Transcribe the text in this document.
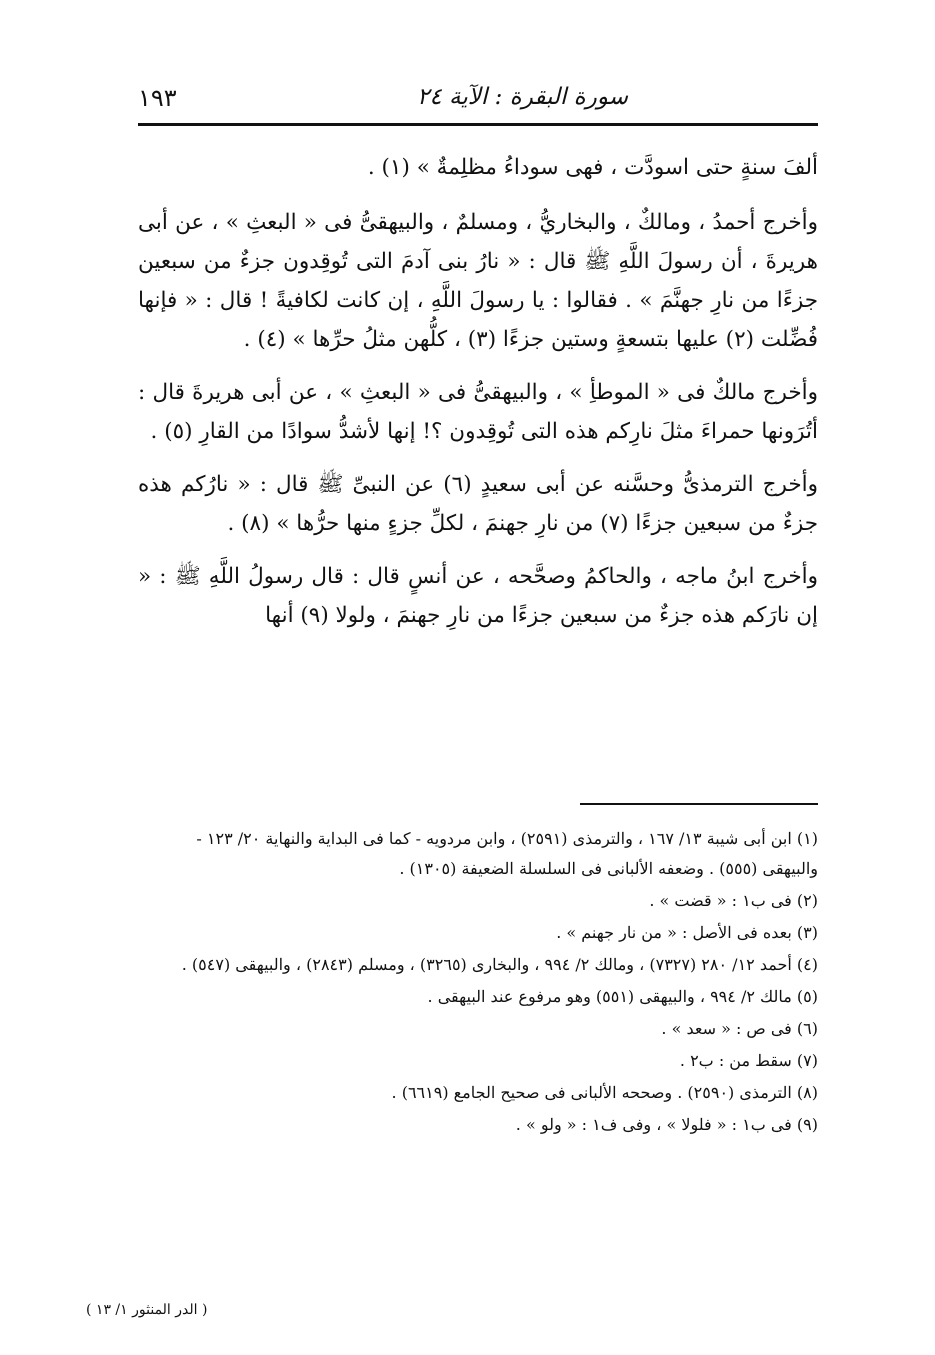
سورة البقرة : الآية ٢٤
١٩٣

ألفَ سنةٍ حتى اسودَّت ، فهى سوداءُ مظلِمةٌ » (١) .

وأخرج أحمدُ ، ومالكٌ ، والبخاريُّ ، ومسلمٌ ، والبيهقىُّ فى « البعثِ » ، عن أبى هريرةَ ، أن رسولَ اللَّهِ ﷺ قال : « نارُ بنى آدمَ التى تُوقِدون جزءٌ من سبعين جزءًا من نارِ جهنَّمَ » . فقالوا : يا رسولَ اللَّهِ ، إن كانت لكافيةً ! قال : « فإنها فُضِّلت (٢) عليها بتسعةٍ وستين جزءًا (٣) ، كلُّهن مثلُ حرِّها » (٤) .

وأخرج مالكٌ فى « الموطأِ » ، والبيهقىُّ فى « البعثِ » ، عن أبى هريرةَ قال : أتُرَونها حمراءَ مثلَ نارِكم هذه التى تُوقِدون ؟! إنها لأشدُّ سوادًا من القارِ (٥) .

وأخرج الترمذىُّ وحسَّنه عن أبى سعيدٍ (٦) عن النبىِّ ﷺ قال : « نارُكم هذه جزءٌ من سبعين جزءًا (٧) من نارِ جهنمَ ، لكلِّ جزءٍ منها حرُّها » (٨) .

وأخرج ابنُ ماجه ، والحاكمُ وصحَّحه ، عن أنسٍ قال : قال رسولُ اللَّهِ ﷺ : « إن نارَكم هذه جزءٌ من سبعين جزءًا من نارِ جهنمَ ، ولولا (٩) أنها

(١) ابن أبى شيبة ١٣/ ١٦٧ ، والترمذى (٢٥٩١) ، وابن مردويه - كما فى البداية والنهاية ٢٠/ ١٢٣ - والبيهقى (٥٥٥) . وضعفه الألبانى فى السلسلة الضعيفة (١٣٠٥) .
(٢) فى ب١ : « قضت » .
(٣) بعده فى الأصل : « من نار جهنم » .
(٤) أحمد ١٢/ ٢٨٠ (٧٣٢٧) ، ومالك ٢/ ٩٩٤ ، والبخارى (٣٢٦٥) ، ومسلم (٢٨٤٣) ، والبيهقى (٥٤٧) .
(٥) مالك ٢/ ٩٩٤ ، والبيهقى (٥٥١) وهو مرفوع عند البيهقى .
(٦) فى ص : « سعد » .
(٧) سقط من : ب٢ .
(٨) الترمذى (٢٥٩٠) . وصححه الألبانى فى صحيح الجامع (٦٦١٩) .
(٩) فى ب١ : « فلولا » ، وفى ف١ : « ولو » .
( الدر المنثور ١/ ١٣ )
